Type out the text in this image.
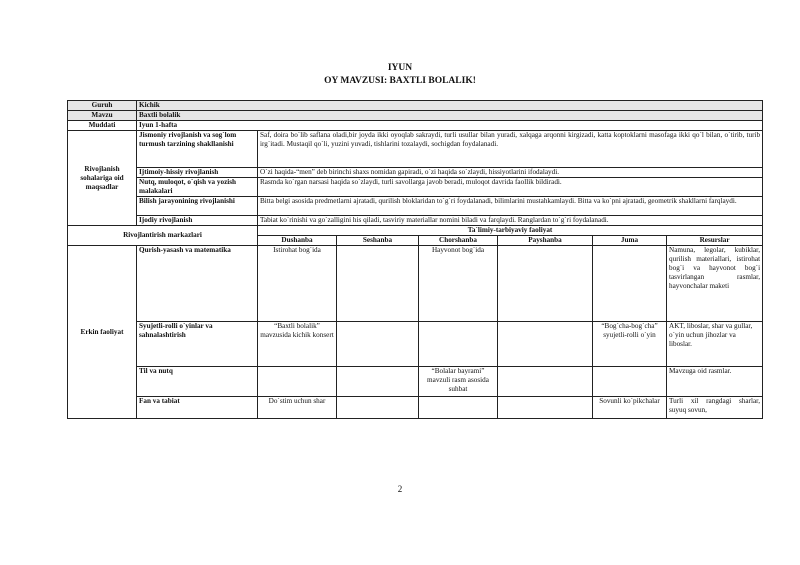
IYUN
OY MAVZUSI: BAXTLI BOLALIK!
Guruh	Kichik						
Mavzu	Baxtli bolalik						
Muddati	Iyun 1-hafta						
Rivojlanish sohalariga oid maqsadlar	Jismoniy rivojlanish va sog`lom turmush tarzining shakllanishi	Saf, doira bo`lib saflana oladi,bir joyda ikki oyoqlab sakraydi, turli usullar bilan yuradi, xalqaga arqonni kirgizadi, katta koptoklarni masofaga ikki qo`l bilan, o`tirib, turib irg`itadi. Mustaqil qo`li, yuzini yuvadi, tishlarini tozalaydi, sochigdan foydalanadi.					
	Ijtimoiy-hissiy rivojlanish	O`zi haqida-“men” deb birinchi shaxs nomidan gapiradi, o`zi haqida so`zlaydi, hissiyotlarini ifodalaydi.					
	Nutq, muloqot, o`qish va yozish malakalari	Rasmda ko`rgan narsasi haqida so`zlaydi, turli savollarga javob beradi, muloqot davrida faollik bildiradi.					
	Bilish jarayonining rivojlanishi	Bitta belgi asosida predmetlarni ajratadi, qurilish bloklaridan to`g`ri foydalanadi, bilimlarini mustahkamlaydi. Bitta va ko`pni ajratadi, geometrik shakllarni farqlaydi.					
	Ijodiy rivojlanish	Tabiat ko`rinishi va go`zalligini his qiladi, tasviriy materiallar nomini biladi va farqlaydi. Ranglardan to`g`ri foydalanadi.					
Rivojlantirish markazlari		Ta`limiy-tarbiyaviy faoliyat					
		Dushanba	Seshanba	Chorshanba	Payshanba	Juma	Resurslar
Erkin faoliyat	Qurish-yasash va matematika	Istirohat bog`ida		Hayvonot bog`ida			Namuna, legolar, kubiklar, qurilish materiallari, istirohat bog`i va hayvonot bog`i tasvirlangan rasmlar, hayvonchalar maketi
	Syujetli-rolli o`yinlar va sahnalashtirish	“Baxtli bolalik” mavzusida kichik konsert				“Bog`cha-bog`cha” syujetli-rolli o`yin	AKT, liboslar, shar va gullar, o`yin uchun jihozlar va liboslar.
	Til va nutq			“Bolalar bayrami” mavzuli rasm asosida suhbat			Mavzuga oid rasmlar.
	Fan va tabiat	Do`stim uchun shar				Sovunli ko`pikchalar	Turli xil rangdagi sharlar, suyuq sovun,
2
